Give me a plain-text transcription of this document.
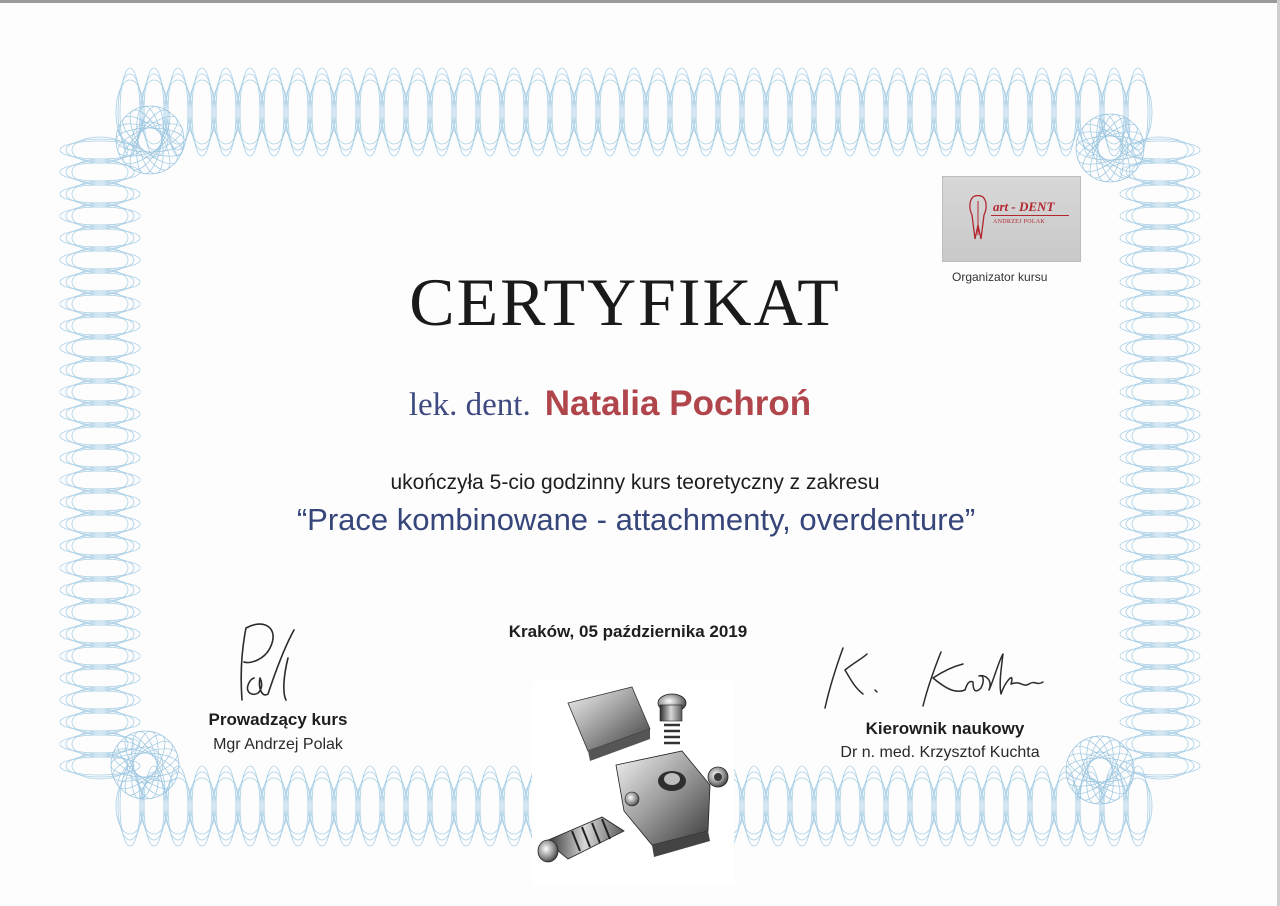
art - DENT
ANDRZEJ POLAK
Organizator kursu
CERTYFIKAT
lek. dent. Natalia Pochroń
ukończyła 5-cio godzinny kurs teoretyczny z zakresu
“Prace kombinowane - attachmenty, overdenture”
Kraków, 05 października 2019
Prowadzący kurs
Mgr Andrzej Polak
Kierownik naukowy
Dr n. med. Krzysztof Kuchta
